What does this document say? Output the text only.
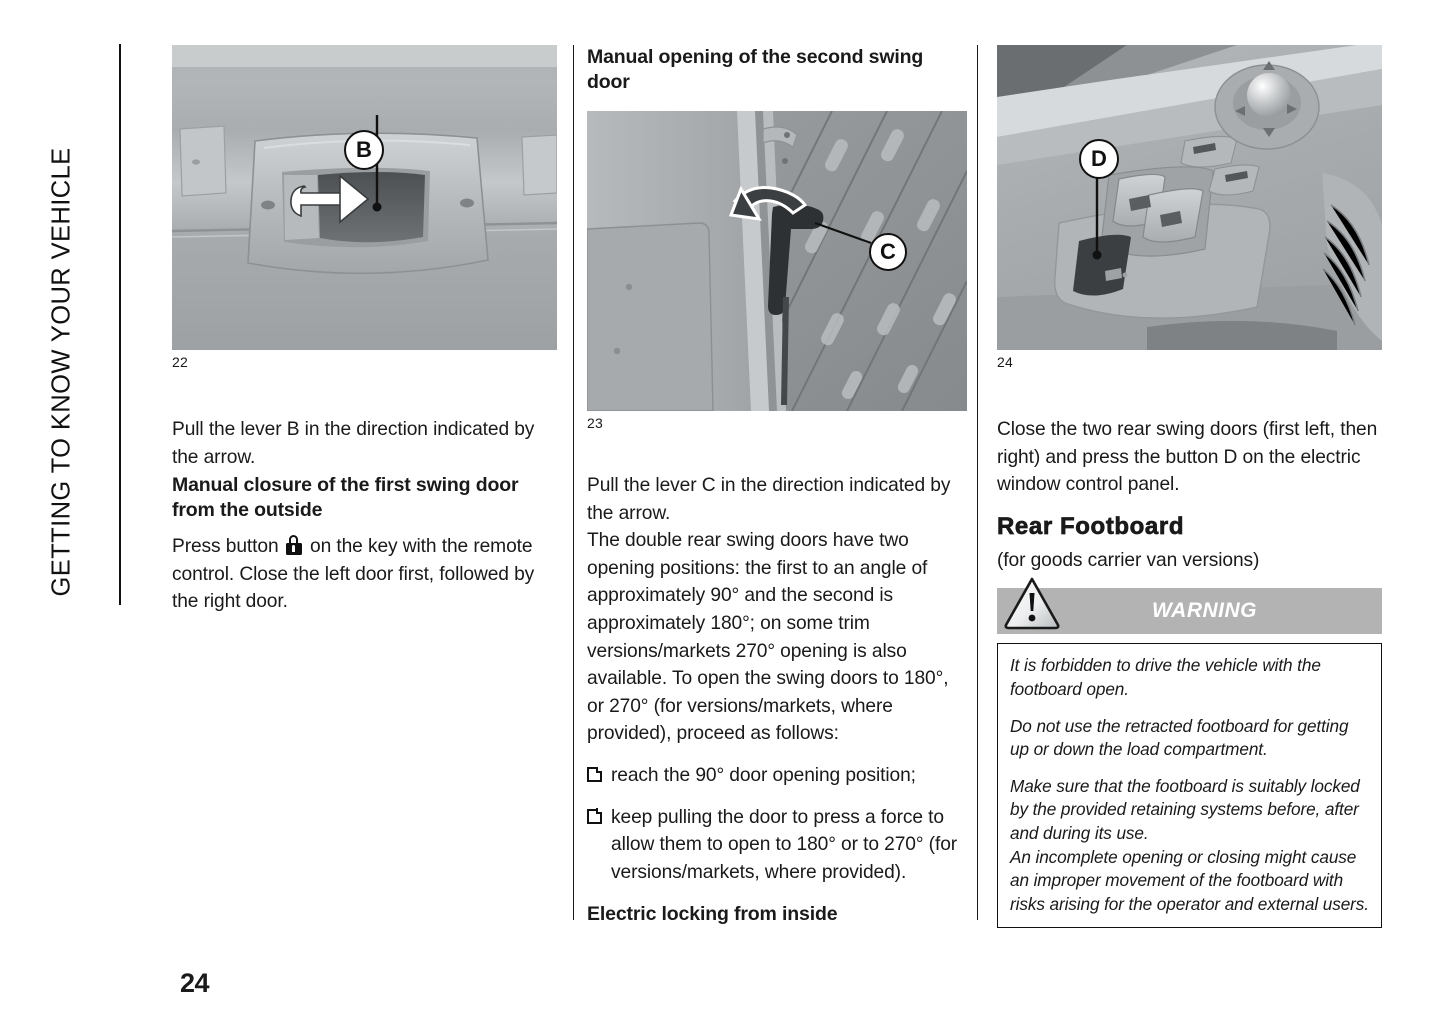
GETTING TO KNOW YOUR VEHICLE	B
22

Pull the lever B in the direction indicated by the arrow.

Manual closure of the first swing door from the outside

Press button
on the key with the remote control. Close the left door first, followed by the right door.

Manual opening of the second swing door
C
23

Pull the lever C in the direction indicated by the arrow.

The double rear swing doors have two opening positions: the first to an angle of approximately 90° and the second is approximately 180°; on some trim versions/markets 270° opening is also available. To open the swing doors to 180°, or 270° (for versions/markets, where provided), proceed as follows:

reach the 90° door opening position;
keep pulling the door to press a force to allow them to open to 180° or to 270° (for versions/markets, where provided).
Electric locking from inside
D
24

Close the two rear swing doors (first left, then right) and press the button D on the electric window control panel.

Rear Footboard

(for goods carrier van versions)

WARNING

It is forbidden to drive the vehicle with the footboard open.

Do not use the retracted footboard for getting up or down the load compartment.

Make sure that the footboard is suitably locked by the provided retaining systems before, after and during its use.

An incomplete opening or closing might cause an improper movement of the footboard with risks arising for the operator and external users.

24
